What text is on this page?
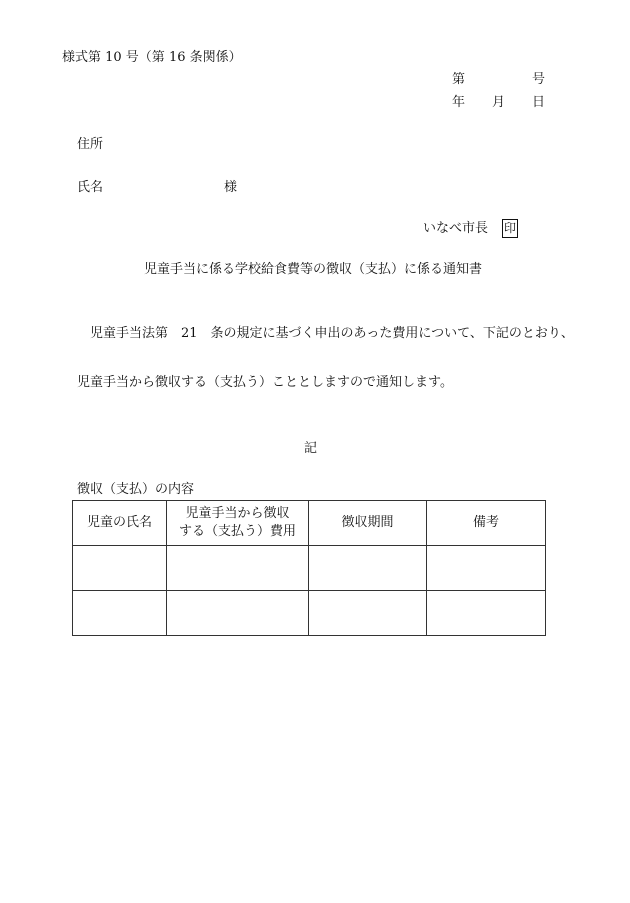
様式第 10 号（第 16 条関係）
第	号
年 月 日
住所
氏名	様
いなべ市長 印
児童手当に係る学校給食費等の徴収（支払）に係る通知書
児童手当法第　21　条の規定に基づく申出のあった費用について、下記のとおり、
児童手当から徴収する（支払う）こととしますので通知します。
記
徴収（支払）の内容
児童の氏名	児童手当から徴収
する（支払う）費用	徴収期間	備考
